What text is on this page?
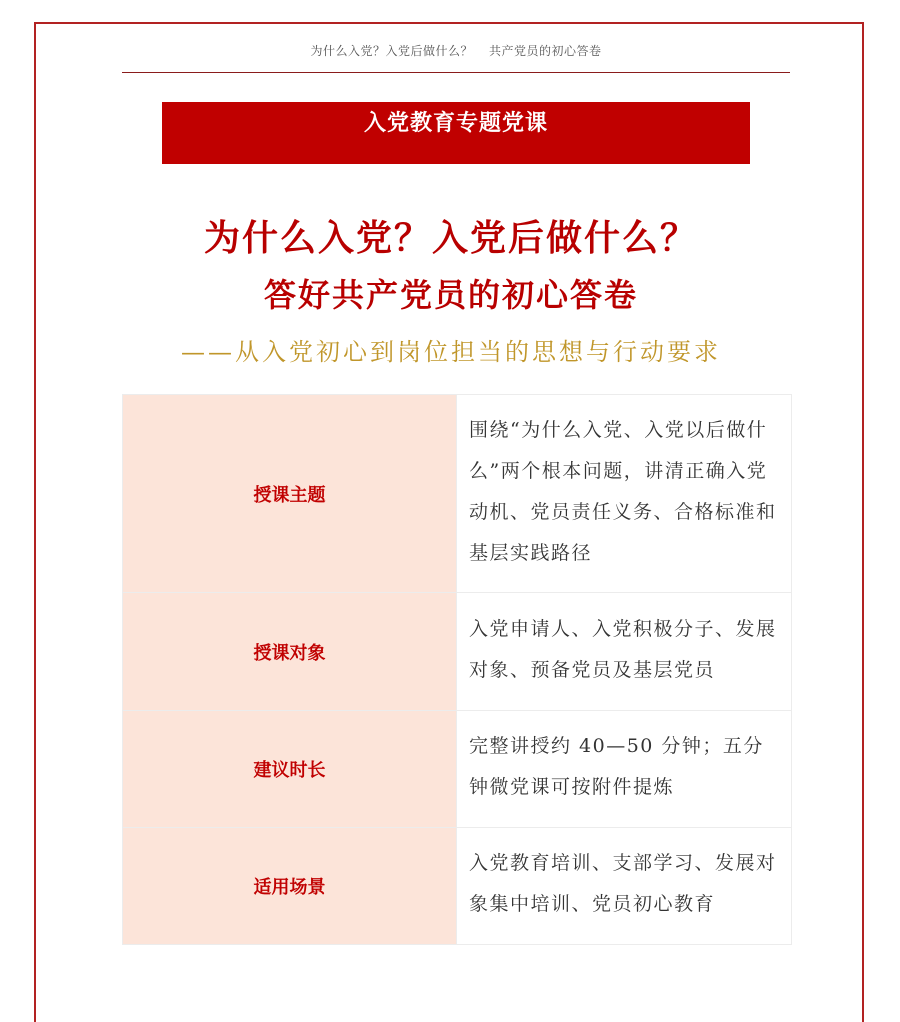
为什么入党？入党后做什么？ 共产党员的初心答卷
入党教育专题党课
为什么入党？入党后做什么？
答好共产党员的初心答卷
——从入党初心到岗位担当的思想与行动要求
授课主题	围绕“为什么入党、入党以后做什么”两个根本问题，讲清正确入党动机、党员责任义务、合格标准和基层实践路径
授课对象	入党申请人、入党积极分子、发展对象、预备党员及基层党员
建议时长	完整讲授约 40—50 分钟；五分钟微党课可按附件提炼
适用场景	入党教育培训、支部学习、发展对象集中培训、党员初心教育
